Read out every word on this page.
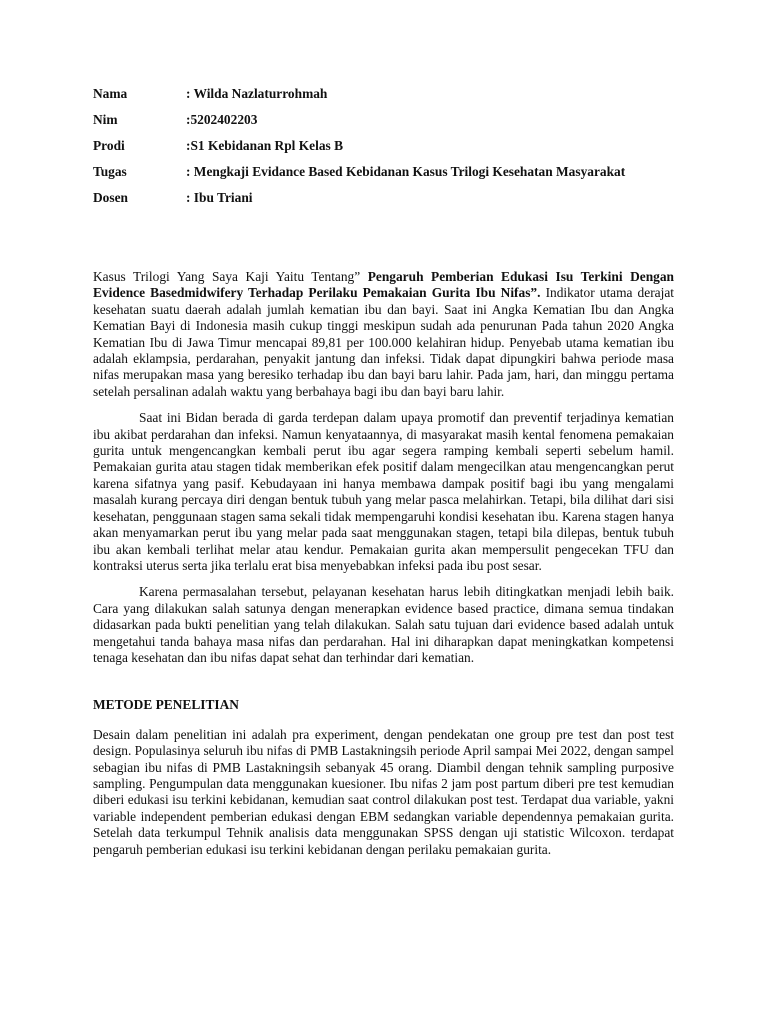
Nama	: Wilda Nazlaturrohmah
Nim	:5202402203
Prodi	:S1 Kebidanan Rpl Kelas B
Tugas	: Mengkaji Evidance Based Kebidanan Kasus Trilogi Kesehatan Masyarakat
Dosen	: Ibu Triani

Kasus Trilogi Yang Saya Kaji Yaitu Tentang” Pengaruh Pemberian Edukasi Isu Terkini Dengan Evidence Basedmidwifery Terhadap Perilaku Pemakaian Gurita Ibu Nifas”. Indikator utama derajat kesehatan suatu daerah adalah jumlah kematian ibu dan bayi. Saat ini Angka Kematian Ibu dan Angka Kematian Bayi di Indonesia masih cukup tinggi meskipun sudah ada penurunan Pada tahun 2020 Angka Kematian Ibu di Jawa Timur mencapai 89,81 per 100.000 kelahiran hidup. Penyebab utama kematian ibu adalah eklampsia, perdarahan, penyakit jantung dan infeksi. Tidak dapat dipungkiri bahwa periode masa nifas merupakan masa yang beresiko terhadap ibu dan bayi baru lahir. Pada jam, hari, dan minggu pertama setelah persalinan adalah waktu yang berbahaya bagi ibu dan bayi baru lahir.

Saat ini Bidan berada di garda terdepan dalam upaya promotif dan preventif terjadinya kematian ibu akibat perdarahan dan infeksi. Namun kenyataannya, di masyarakat masih kental fenomena pemakaian gurita untuk mengencangkan kembali perut ibu agar segera ramping kembali seperti sebelum hamil. Pemakaian gurita atau stagen tidak memberikan efek positif dalam mengecilkan atau mengencangkan perut karena sifatnya yang pasif. Kebudayaan ini hanya membawa dampak positif bagi ibu yang mengalami masalah kurang percaya diri dengan bentuk tubuh yang melar pasca melahirkan. Tetapi, bila dilihat dari sisi kesehatan, penggunaan stagen sama sekali tidak mempengaruhi kondisi kesehatan ibu. Karena stagen hanya akan menyamarkan perut ibu yang melar pada saat menggunakan stagen, tetapi bila dilepas, bentuk tubuh ibu akan kembali terlihat melar atau kendur. Pemakaian gurita akan mempersulit pengecekan TFU dan kontraksi uterus serta jika terlalu erat bisa menyebabkan infeksi pada ibu post sesar.

Karena permasalahan tersebut, pelayanan kesehatan harus lebih ditingkatkan menjadi lebih baik. Cara yang dilakukan salah satunya dengan menerapkan evidence based practice, dimana semua tindakan didasarkan pada bukti penelitian yang telah dilakukan. Salah satu tujuan dari evidence based adalah untuk mengetahui tanda bahaya masa nifas dan perdarahan. Hal ini diharapkan dapat meningkatkan kompetensi tenaga kesehatan dan ibu nifas dapat sehat dan terhindar dari kematian.

METODE PENELITIAN

Desain dalam penelitian ini adalah pra experiment, dengan pendekatan one group pre test dan post test design. Populasinya seluruh ibu nifas di PMB Lastakningsih periode April sampai Mei 2022, dengan sampel sebagian ibu nifas di PMB Lastakningsih sebanyak 45 orang. Diambil dengan tehnik sampling purposive sampling. Pengumpulan data menggunakan kuesioner. Ibu nifas 2 jam post partum diberi pre test kemudian diberi edukasi isu terkini kebidanan, kemudian saat control dilakukan post test. Terdapat dua variable, yakni variable independent pemberian edukasi dengan EBM sedangkan variable dependennya pemakaian gurita. Setelah data terkumpul Tehnik analisis data menggunakan SPSS dengan uji statistic Wilcoxon. terdapat pengaruh pemberian edukasi isu terkini kebidanan dengan perilaku pemakaian gurita.
